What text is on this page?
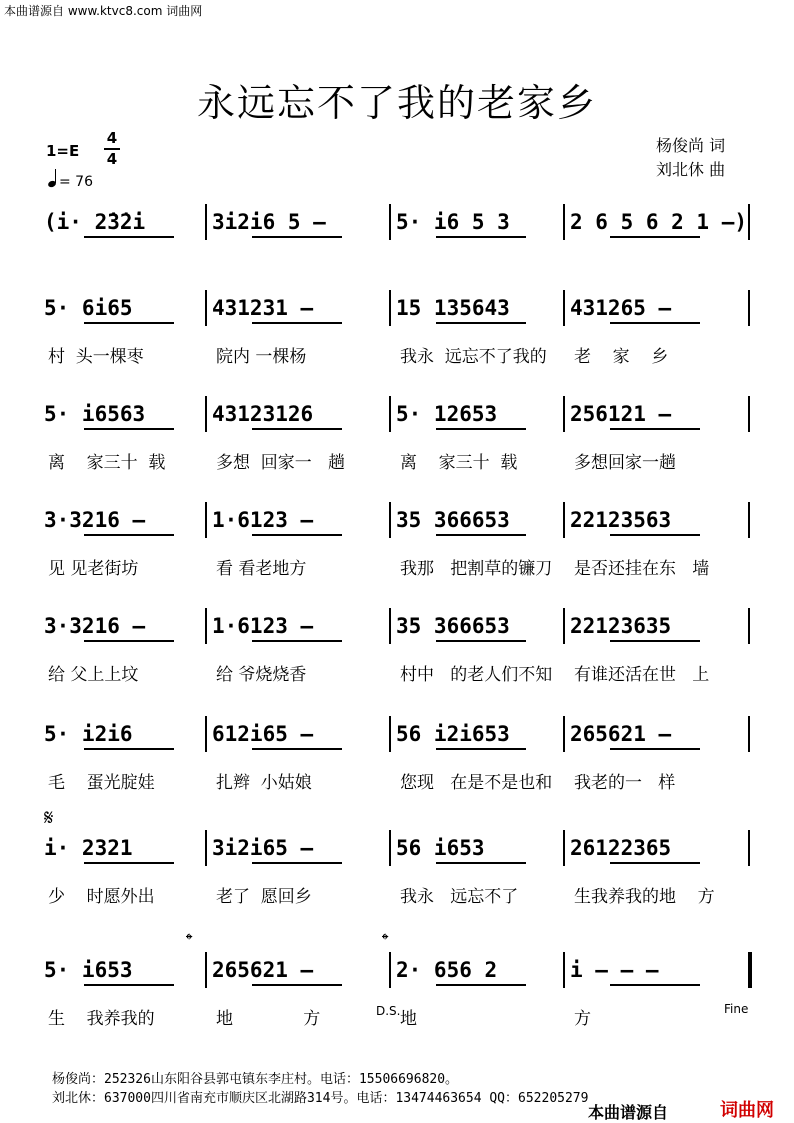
本曲谱源自 www.ktvc8.com 词曲网
永远忘不了我的老家乡
杨俊尚 词
刘北休 曲
1=E
4
4
= 76
(i· 2̇3̇2̇i	3̇i2̇i6 5 –	5· i6 5 3	2 6 5 6 2 1 –)
5· 6i65	431231 –	15 135643	431265 –
村  头一棵枣	院内 一棵杨	我永  远忘不了我的 老    家    乡
5· i6563	43123126	5· 12653	256121 –
离    家三十  载	多想  回家一   趟	离    家三十  载	多想回家一趟
3·3216 –	1·6123 –	35 366653	22123563
见 见老街坊	看 看老地方	我那   把割草的镰刀 是否还挂在东   墙
3·3216 –	1·6123 –	35 366653	22123635
给 父上上坟	给 爷烧烧香	村中   的老人们不知 有谁还活在世   上
5· i2i6	612i65 –	56 i2i653	265621 –
毛    蛋光腚娃	扎辫  小姑娘	您现   在是不是也和 我老的一   样
i· 2321	3i2i65 –	56 i653	26122365
少    时愿外出	老了  愿回乡	我永   远忘不了	生我养我的地    方
5· i653	265621 –	2· 656 2	i – – –
生    我养我的	地             方	地	方
杨俊尚：252326山东阳谷县郭屯镇东李庄村。电话：15506696820。
刘北休：637000四川省南充市顺庆区北湖路314号。电话：13474463654 QQ：652205279
本曲谱源自	词曲网
𝄋
𝄌	𝄌
D.S.	Fine
